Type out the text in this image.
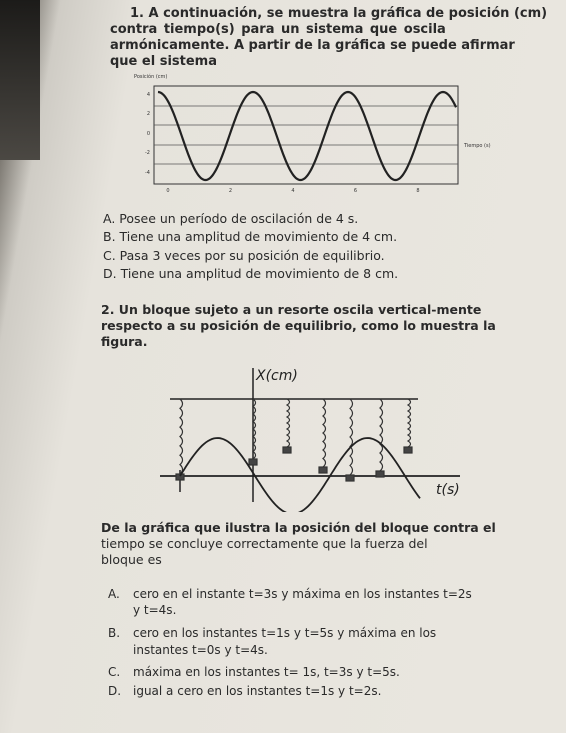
1. A continuación, se muestra la gráfica de posición (cm)
contra tiempo(s) para un sistema que oscila
armónicamente. A partir de la gráfica se puede afirmar
que el sistema
Posición (cm)
4
2
0
-2
-4
0	2	4	6	8
Tiempo (s)
A. Posee un período de oscilación de 4 s.
B. Tiene una amplitud de movimiento de 4 cm.
C. Pasa 3 veces por su posición de equilibrio.
D. Tiene una amplitud de movimiento de 8 cm.
2. Un bloque sujeto a un resorte oscila vertical-mente
respecto a su posición de equilibrio, como lo muestra la
figura.
X(cm)
t(s)
De la gráfica que ilustra la posición del bloque contra el
tiempo se concluye correctamente que la fuerza del
bloque es
A. cero en el instante t=3s y máxima en los instantes t=2s
y t=4s.
B. cero en los instantes t=1s y t=5s y máxima en los
instantes t=0s y t=4s.
C. máxima en los instantes t= 1s, t=3s y t=5s.
D. igual a cero en los instantes t=1s y t=2s.
